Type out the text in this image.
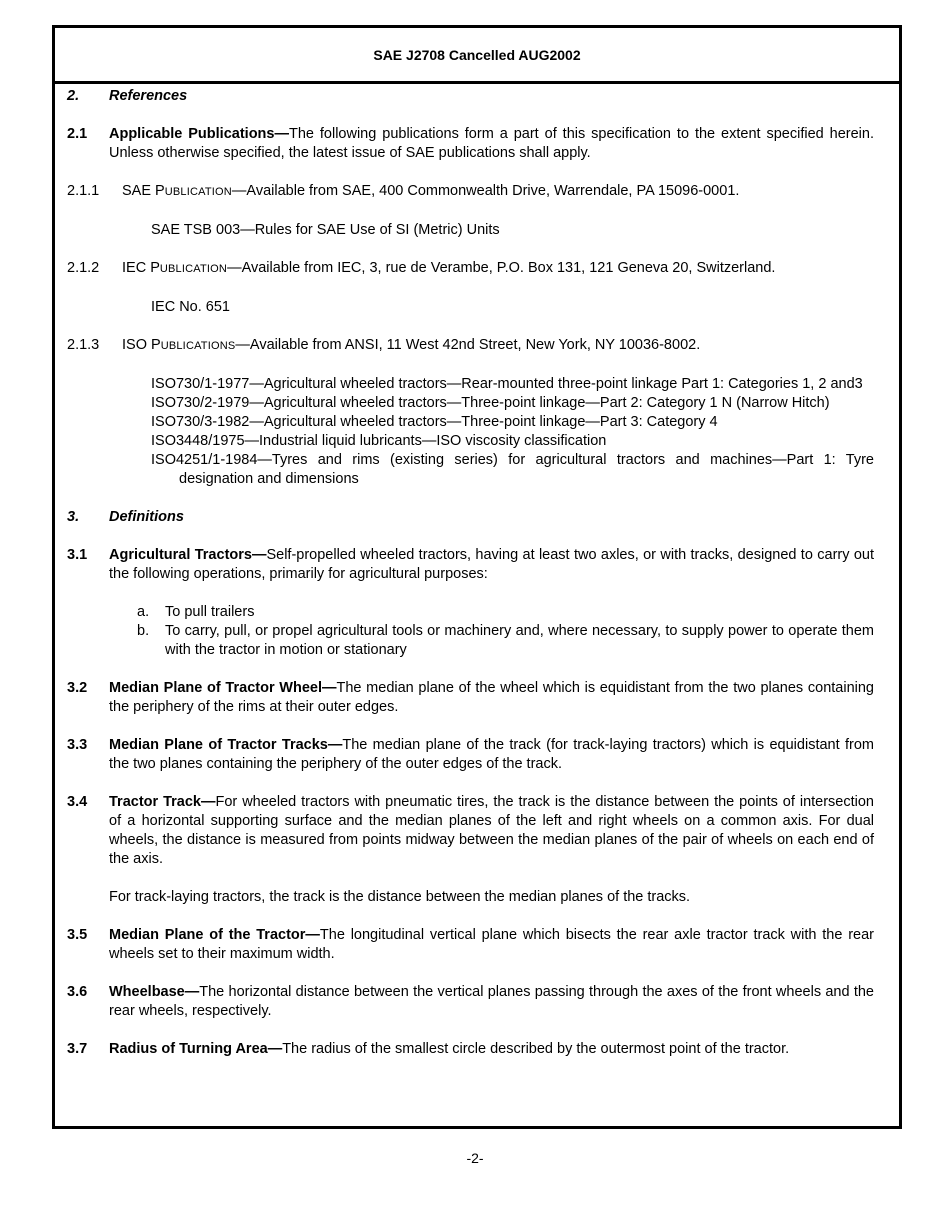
SAE J2708 Cancelled AUG2002
2.	References
2.1	Applicable Publications—The following publications form a part of this specification to the extent specified herein. Unless otherwise specified, the latest issue of SAE publications shall apply.
2.1.1	SAE PUBLICATION—Available from SAE, 400 Commonwealth Drive, Warrendale, PA 15096-0001.
SAE TSB 003—Rules for SAE Use of SI (Metric) Units
2.1.2	IEC PUBLICATION—Available from IEC, 3, rue de Verambe, P.O. Box 131, 121 Geneva 20, Switzerland.
IEC No. 651
2.1.3	ISO PUBLICATIONS—Available from ANSI, 11 West 42nd Street, New York, NY 10036-8002.
ISO730/1-1977—Agricultural wheeled tractors—Rear-mounted three-point linkage Part 1: Categories 1, 2 and3
ISO730/2-1979—Agricultural wheeled tractors—Three-point linkage—Part 2: Category 1 N (Narrow Hitch)
ISO730/3-1982—Agricultural wheeled tractors—Three-point linkage—Part 3: Category 4
ISO3448/1975—Industrial liquid lubricants—ISO viscosity classification
ISO4251/1-1984—Tyres and rims (existing series) for agricultural tractors and machines—Part 1: Tyre designation and dimensions
3.	Definitions
3.1	Agricultural Tractors—Self-propelled wheeled tractors, having at least two axles, or with tracks, designed to carry out the following operations, primarily for agricultural purposes:
a.	To pull trailers
b.	To carry, pull, or propel agricultural tools or machinery and, where necessary, to supply power to operate them with the tractor in motion or stationary
3.2	Median Plane of Tractor Wheel—The median plane of the wheel which is equidistant from the two planes containing the periphery of the rims at their outer edges.
3.3	Median Plane of Tractor Tracks—The median plane of the track (for track-laying tractors) which is equidistant from the two planes containing the periphery of the outer edges of the track.
3.4	Tractor Track—For wheeled tractors with pneumatic tires, the track is the distance between the points of intersection of a horizontal supporting surface and the median planes of the left and right wheels on a common axis. For dual wheels, the distance is measured from points midway between the median planes of the pair of wheels on each end of the axis.
For track-laying tractors, the track is the distance between the median planes of the tracks.
3.5	Median Plane of the Tractor—The longitudinal vertical plane which bisects the rear axle tractor track with the rear wheels set to their maximum width.
3.6	Wheelbase—The horizontal distance between the vertical planes passing through the axes of the front wheels and the rear wheels, respectively.
3.7	Radius of Turning Area—The radius of the smallest circle described by the outermost point of the tractor.
-2-
